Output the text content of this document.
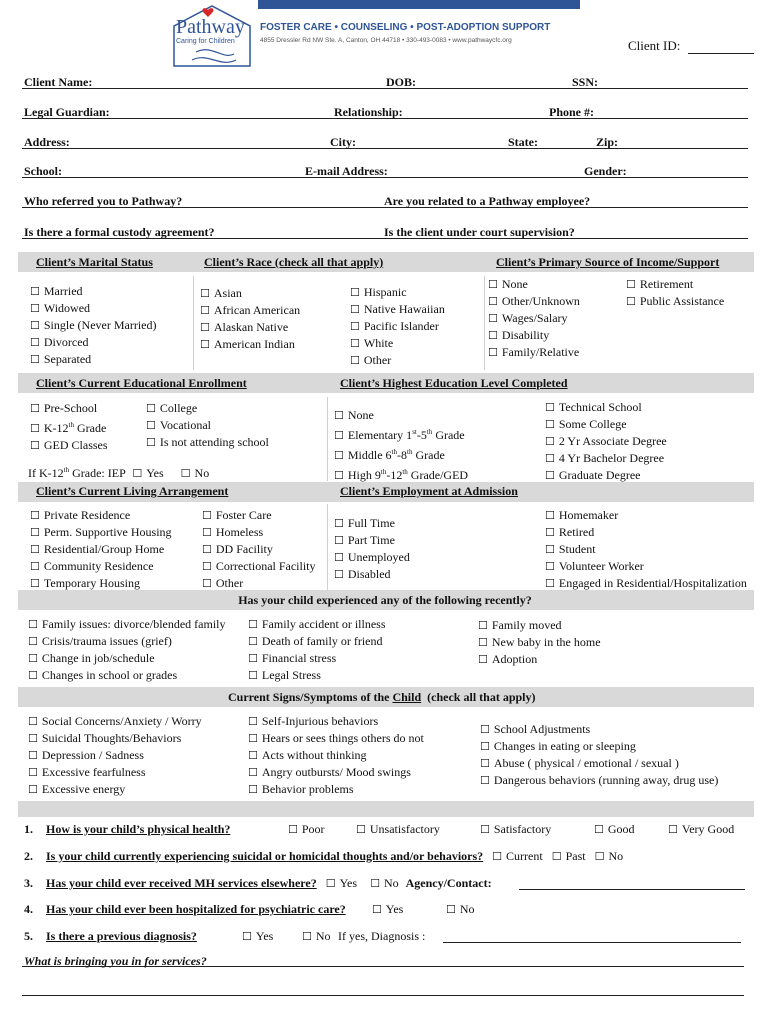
Pathway
Caring for Children
FOSTER CARE • COUNSELING • POST-ADOPTION SUPPORT
4855 Dressler Rd NW Ste. A, Canton, OH 44718 • 330-493-0083 • www.pathwaycfc.org	Client ID:
Client Name:	DOB:	SSN:
Legal Guardian:	Relationship:	Phone #:
Address:	City:	State:	Zip:
School:	E-mail Address:	Gender:
Who referred you to Pathway?	Are you related to a Pathway employee?
Is there a formal custody agreement?	Is the client under court supervision?
Client’s Marital Status	Client’s Race (check all that apply)	Client’s Primary Source of Income/Support
☐ Married
☐ Widowed
☐ Single (Never Married)
☐ Divorced
☐ Separated
☐ Asian
☐ African American
☐ Alaskan Native
☐ American Indian
☐ Hispanic
☐ Native Hawaiian
☐ Pacific Islander
☐ White
☐ Other
☐ None
☐ Other/Unknown
☐ Wages/Salary
☐ Disability
☐ Family/Relative
☐ Retirement
☐ Public Assistance
Client’s Current Educational Enrollment	Client’s Highest Education Level Completed
☐ Pre-School
☐ K-12th Grade
☐ GED Classes
☐ College
☐ Vocational
☐ Is not attending school
If K-12th Grade: IEP ☐ Yes	☐ No
☐ None
☐ Elementary 1st-5th Grade
☐ Middle 6th-8th Grade
☐ High 9th-12th Grade/GED
☐ Technical School
☐ Some College
☐ 2 Yr Associate Degree
☐ 4 Yr Bachelor Degree
☐ Graduate Degree
Client’s Current Living Arrangement	Client’s Employment at Admission
☐ Private Residence
☐ Perm. Supportive Housing
☐ Residential/Group Home
☐ Community Residence
☐ Temporary Housing
☐ Foster Care
☐ Homeless
☐ DD Facility
☐ Correctional Facility
☐ Other
☐ Full Time
☐ Part Time
☐ Unemployed
☐ Disabled
☐ Homemaker
☐ Retired
☐ Student
☐ Volunteer Worker
☐ Engaged in Residential/Hospitalization
Has your child experienced any of the following recently?
☐ Family issues: divorce/blended family
☐ Crisis/trauma issues (grief)
☐ Change in job/schedule
☐ Changes in school or grades
☐ Family accident or illness
☐ Death of family or friend
☐ Financial stress
☐ Legal Stress
☐ Family moved
☐ New baby in the home
☐ Adoption
Current Signs/Symptoms of the Child  (check all that apply)
☐ Social Concerns/Anxiety / Worry
☐ Suicidal Thoughts/Behaviors
☐ Depression / Sadness
☐ Excessive fearfulness
☐ Excessive energy
☐ Self-Injurious behaviors
☐ Hears or sees things others do not
☐ Acts without thinking
☐ Angry outbursts/ Mood swings
☐ Behavior problems
☐ School Adjustments
☐ Changes in eating or sleeping
☐ Abuse ( physical / emotional / sexual )
☐ Dangerous behaviors (running away, drug use)
1. How is your child’s physical health?	☐ Poor	☐ Unsatisfactory	☐ Satisfactory	☐ Good	☐ Very Good
2. Is your child currently experiencing suicidal or homicidal thoughts and/or behaviors? ☐ Current ☐ Past ☐ No
3. Has your child ever received MH services elsewhere? ☐ Yes ☐ No Agency/Contact:
4. Has your child ever been hospitalized for psychiatric care?	☐ Yes	☐ No
5. Is there a previous diagnosis?	☐ Yes	☐ No If yes, Diagnosis :
What is bringing you in for services?
